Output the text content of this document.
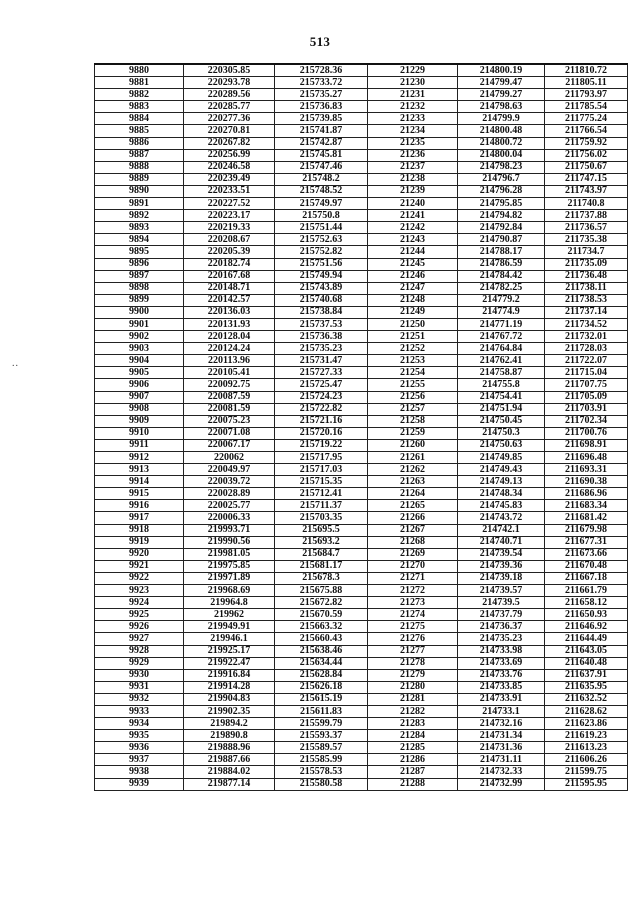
513
..
9880	220305.85	215728.36	21229	214800.19	211810.72
9881	220293.78	215733.72	21230	214799.47	211805.11
9882	220289.56	215735.27	21231	214799.27	211793.97
9883	220285.77	215736.83	21232	214798.63	211785.54
9884	220277.36	215739.85	21233	214799.9	211775.24
9885	220270.81	215741.87	21234	214800.48	211766.54
9886	220267.82	215742.87	21235	214800.72	211759.92
9887	220256.99	215745.81	21236	214800.04	211756.02
9888	220246.58	215747.46	21237	214798.23	211750.67
9889	220239.49	215748.2	21238	214796.7	211747.15
9890	220233.51	215748.52	21239	214796.28	211743.97
9891	220227.52	215749.97	21240	214795.85	211740.8
9892	220223.17	215750.8	21241	214794.82	211737.88
9893	220219.33	215751.44	21242	214792.84	211736.57
9894	220208.67	215752.63	21243	214790.87	211735.38
9895	220205.39	215752.82	21244	214788.17	211734.7
9896	220182.74	215751.56	21245	214786.59	211735.09
9897	220167.68	215749.94	21246	214784.42	211736.48
9898	220148.71	215743.89	21247	214782.25	211738.11
9899	220142.57	215740.68	21248	214779.2	211738.53
9900	220136.03	215738.84	21249	214774.9	211737.14
9901	220131.93	215737.53	21250	214771.19	211734.52
9902	220128.04	215736.38	21251	214767.72	211732.01
9903	220124.24	215735.23	21252	214764.84	211728.03
9904	220113.96	215731.47	21253	214762.41	211722.07
9905	220105.41	215727.33	21254	214758.87	211715.04
9906	220092.75	215725.47	21255	214755.8	211707.75
9907	220087.59	215724.23	21256	214754.41	211705.09
9908	220081.59	215722.82	21257	214751.94	211703.91
9909	220075.23	215721.16	21258	214750.45	211702.34
9910	220071.08	215720.16	21259	214750.3	211700.76
9911	220067.17	215719.22	21260	214750.63	211698.91
9912	220062	215717.95	21261	214749.85	211696.48
9913	220049.97	215717.03	21262	214749.43	211693.31
9914	220039.72	215715.35	21263	214749.13	211690.38
9915	220028.89	215712.41	21264	214748.34	211686.96
9916	220025.77	215711.37	21265	214745.83	211683.34
9917	220006.33	215703.35	21266	214743.72	211681.42
9918	219993.71	215695.5	21267	214742.1	211679.98
9919	219990.56	215693.2	21268	214740.71	211677.31
9920	219981.05	215684.7	21269	214739.54	211673.66
9921	219975.85	215681.17	21270	214739.36	211670.48
9922	219971.89	215678.3	21271	214739.18	211667.18
9923	219968.69	215675.88	21272	214739.57	211661.79
9924	219964.8	215672.82	21273	214739.5	211658.12
9925	219962	215670.59	21274	214737.79	211650.93
9926	219949.91	215663.32	21275	214736.37	211646.92
9927	219946.1	215660.43	21276	214735.23	211644.49
9928	219925.17	215638.46	21277	214733.98	211643.05
9929	219922.47	215634.44	21278	214733.69	211640.48
9930	219916.84	215628.84	21279	214733.76	211637.91
9931	219914.28	215626.18	21280	214733.85	211635.95
9932	219904.83	215615.19	21281	214733.91	211632.52
9933	219902.35	215611.83	21282	214733.1	211628.62
9934	219894.2	215599.79	21283	214732.16	211623.86
9935	219890.8	215593.37	21284	214731.34	211619.23
9936	219888.96	215589.57	21285	214731.36	211613.23
9937	219887.66	215585.99	21286	214731.11	211606.26
9938	219884.02	215578.53	21287	214732.33	211599.75
9939	219877.14	215580.58	21288	214732.99	211595.95
